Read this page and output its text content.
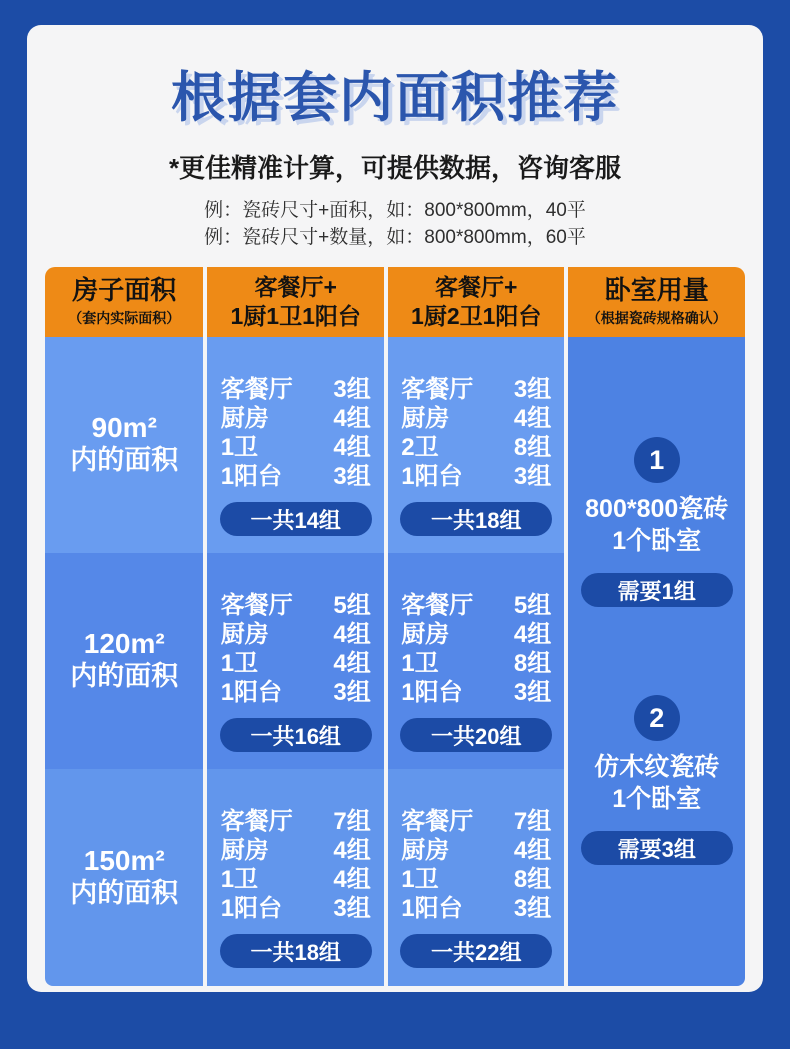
根据套内面积推荐
*更佳精准计算，可提供数据，咨询客服
例：瓷砖尺寸+面积，如：800*800mm，40平
例：瓷砖尺寸+数量，如：800*800mm，60平
房子面积
（套内实际面积）
客餐厅+
1厨1卫1阳台
客餐厅+
1厨2卫1阳台
卧室用量
（根据瓷砖规格确认）
90m²
内的面积
客餐厅 3组
厨房	4组
1卫	4组
1阳台 3组
一共14组
客餐厅 3组
厨房	4组
2卫	8组
1阳台 3组
一共18组
120m²
内的面积
客餐厅 5组
厨房	4组
1卫	4组
1阳台 3组
一共16组
客餐厅 5组
厨房	4组
1卫	8组
1阳台 3组
一共20组
150m²
内的面积
客餐厅 7组
厨房	4组
1卫	4组
1阳台 3组
一共18组
客餐厅 7组
厨房	4组
1卫	8组
1阳台 3组
一共22组
1
800*800瓷砖
1个卧室
需要1组
2
仿木纹瓷砖
1个卧室
需要3组
